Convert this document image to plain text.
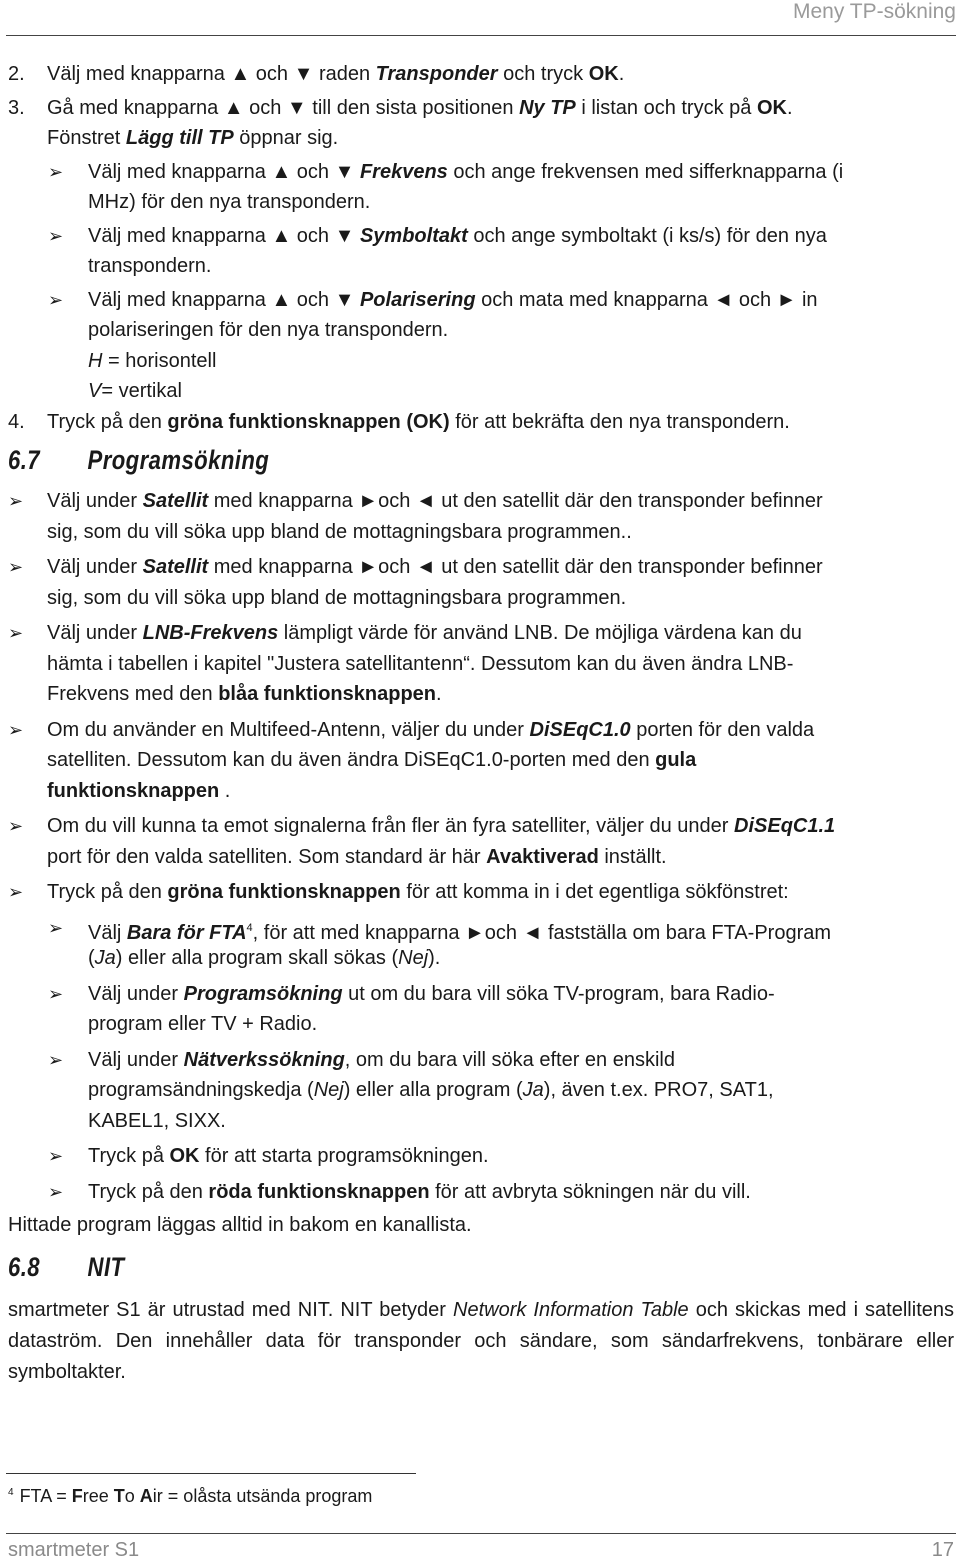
Meny TP-sökning
2. Välj med knapparna ▲ och ▼ raden Transponder och tryck OK.
3. Gå med knapparna ▲ och ▼ till den sista positionen Ny TP i listan och tryck på OK.
Fönstret Lägg till TP öppnar sig.
➢ Välj med knapparna ▲ och ▼ Frekvens och ange frekvensen med sifferknapparna (i
MHz) för den nya transpondern.
➢ Välj med knapparna ▲ och ▼ Symboltakt och ange symboltakt (i ks/s) för den nya
transpondern.
➢ Välj med knapparna ▲ och ▼ Polarisering och mata med knapparna ◄ och ► in
polariseringen för den nya transpondern.
H = horisontell
V= vertikal
4. Tryck på den gröna funktionsknappen (OK) för att bekräfta den nya transpondern.
6.7 Programsökning
➢ Välj under Satellit med knapparna ►och ◄ ut den satellit där den transponder befinner
sig, som du vill söka upp bland de mottagningsbara programmen..
➢ Välj under Satellit med knapparna ►och ◄ ut den satellit där den transponder befinner
sig, som du vill söka upp bland de mottagningsbara programmen.
➢ Välj under LNB-Frekvens lämpligt värde för använd LNB. De möjliga värdena kan du
hämta i tabellen i kapitel "Justera satellitantenn“. Dessutom kan du även ändra LNB-
Frekvens med den blåa funktionsknappen.
➢ Om du använder en Multifeed-Antenn, väljer du under DiSEqC1.0 porten för den valda
satelliten. Dessutom kan du även ändra DiSEqC1.0-porten med den gula
funktionsknappen .
➢ Om du vill kunna ta emot signalerna från fler än fyra satelliter, väljer du under DiSEqC1.1
port för den valda satelliten. Som standard är här Avaktiverad inställt.
➢ Tryck på den gröna funktionsknappen för att komma in i det egentliga sökfönstret:
➢ Välj Bara för FTA$^4$, för att med knapparna ►och ◄ fastställa om bara FTA-Program
(Ja) eller alla program skall sökas (Nej).
➢ Välj under Programsökning ut om du bara vill söka TV-program, bara Radio-
program eller TV + Radio.
➢ Välj under Nätverkssökning, om du bara vill söka efter en enskild
programsändningskedja (Nej) eller alla program (Ja), även t.ex. PRO7, SAT1,
KABEL1, SIXX.
➢ Tryck på OK för att starta programsökningen.
➢ Tryck på den röda funktionsknappen för att avbryta sökningen när du vill.
Hittade program läggas alltid in bakom en kanallista.
6.8 NIT
smartmeter S1 är utrustad med NIT. NIT betyder Network Information Table och skickas med i satellitens dataström. Den innehåller data för transponder och sändare, som sändarfrekvens, tonbärare eller symboltakter.
$^4$ FTA = Free To Air = olåsta utsända program
smartmeter S1	17
